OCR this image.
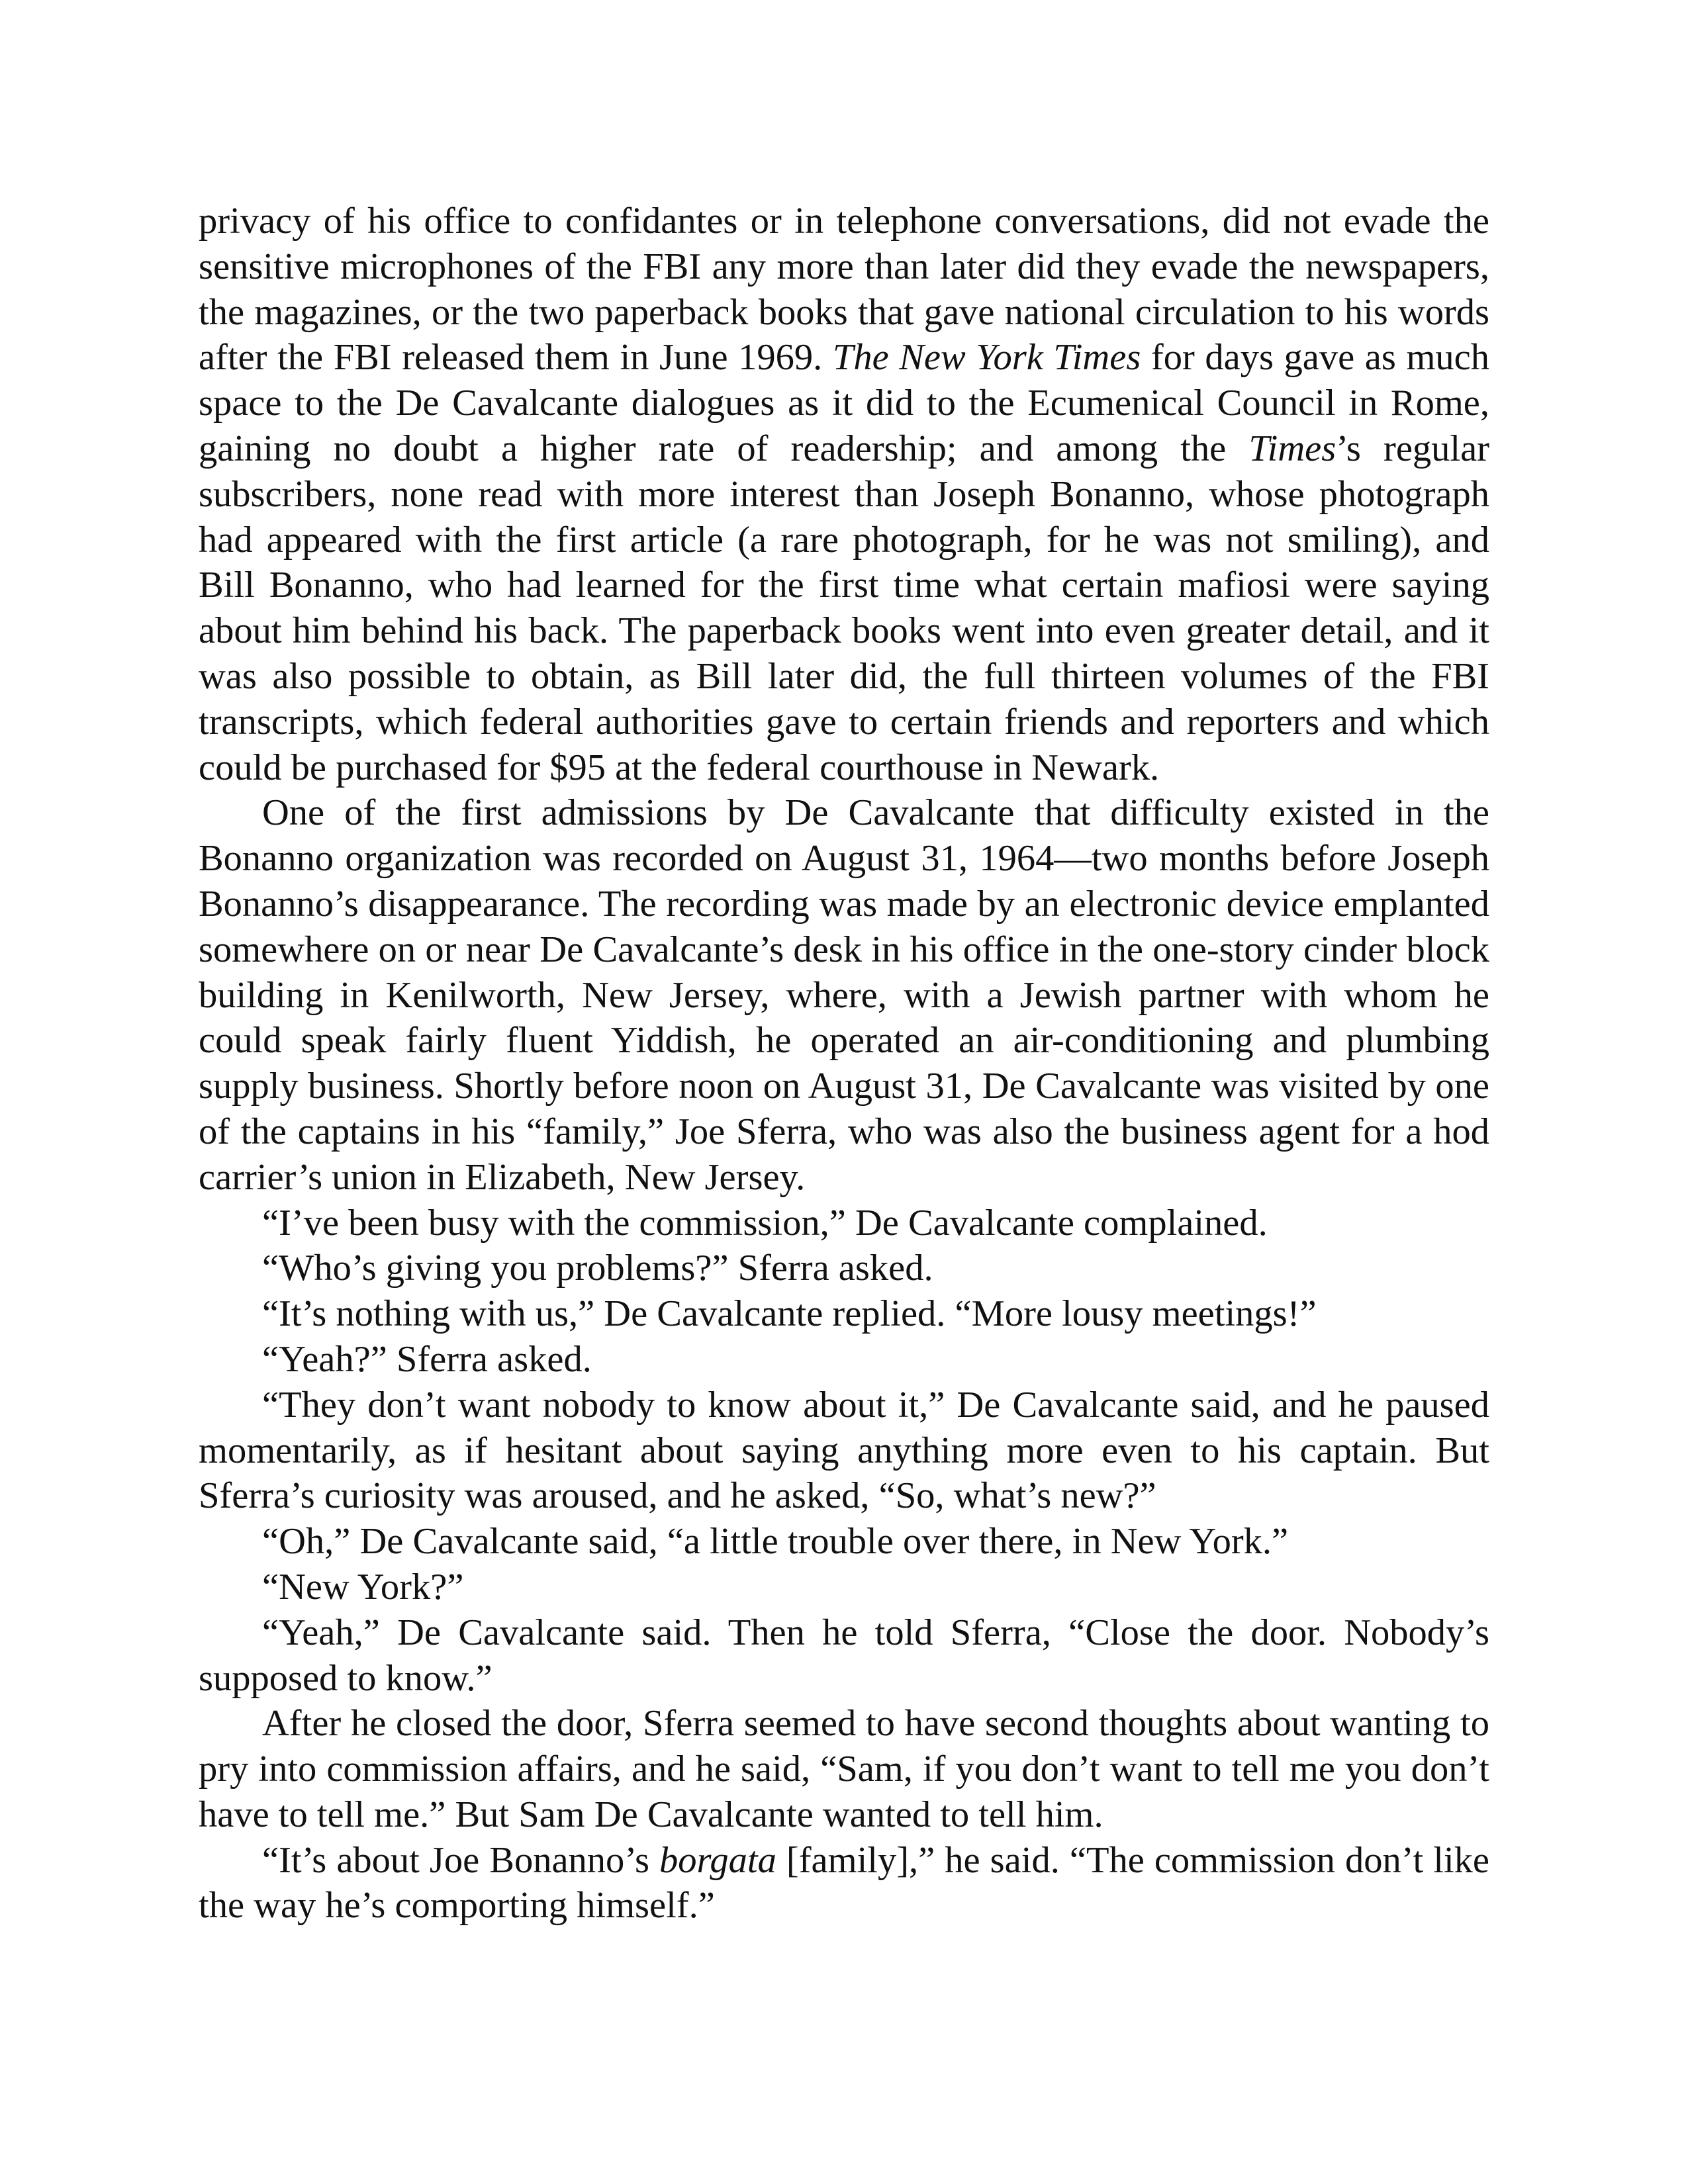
privacy of his office to confidantes or in telephone conversations, did not evade the sensitive microphones of the FBI any more than later did they evade the newspapers, the magazines, or the two paperback books that gave national circulation to his words after the FBI released them in June 1969. The New York Times for days gave as much space to the De Cavalcante dialogues as it did to the Ecumenical Council in Rome, gaining no doubt a higher rate of readership; and among the Times’s regular subscribers, none read with more interest than Joseph Bonanno, whose photograph had appeared with the first article (a rare photograph, for he was not smiling), and Bill Bonanno, who had learned for the first time what certain mafiosi were saying about him behind his back. The paperback books went into even greater detail, and it was also possible to obtain, as Bill later did, the full thirteen volumes of the FBI transcripts, which federal authorities gave to certain friends and reporters and which could be purchased for $95 at the federal courthouse in Newark.

One of the first admissions by De Cavalcante that difficulty existed in the Bonanno organization was recorded on August 31, 1964—two months before Joseph Bonanno’s disappearance. The recording was made by an electronic device emplanted somewhere on or near De Cavalcante’s desk in his office in the one-story cinder block building in Kenilworth, New Jersey, where, with a Jewish partner with whom he could speak fairly fluent Yiddish, he operated an air-conditioning and plumbing supply business. Shortly before noon on August 31, De Cavalcante was visited by one of the captains in his “family,” Joe Sferra, who was also the business agent for a hod carrier’s union in Elizabeth, New Jersey.

“I’ve been busy with the commission,” De Cavalcante complained.

“Who’s giving you problems?” Sferra asked.

“It’s nothing with us,” De Cavalcante replied. “More lousy meetings!”

“Yeah?” Sferra asked.

“They don’t want nobody to know about it,” De Cavalcante said, and he paused momentarily, as if hesitant about saying anything more even to his captain. But Sferra’s curiosity was aroused, and he asked, “So, what’s new?”

“Oh,” De Cavalcante said, “a little trouble over there, in New York.”

“New York?”

“Yeah,” De Cavalcante said. Then he told Sferra, “Close the door. Nobody’s supposed to know.”

After he closed the door, Sferra seemed to have second thoughts about wanting to pry into commission affairs, and he said, “Sam, if you don’t want to tell me you don’t have to tell me.” But Sam De Cavalcante wanted to tell him.

“It’s about Joe Bonanno’s borgata [family],” he said. “The commission don’t like the way he’s comporting himself.”
